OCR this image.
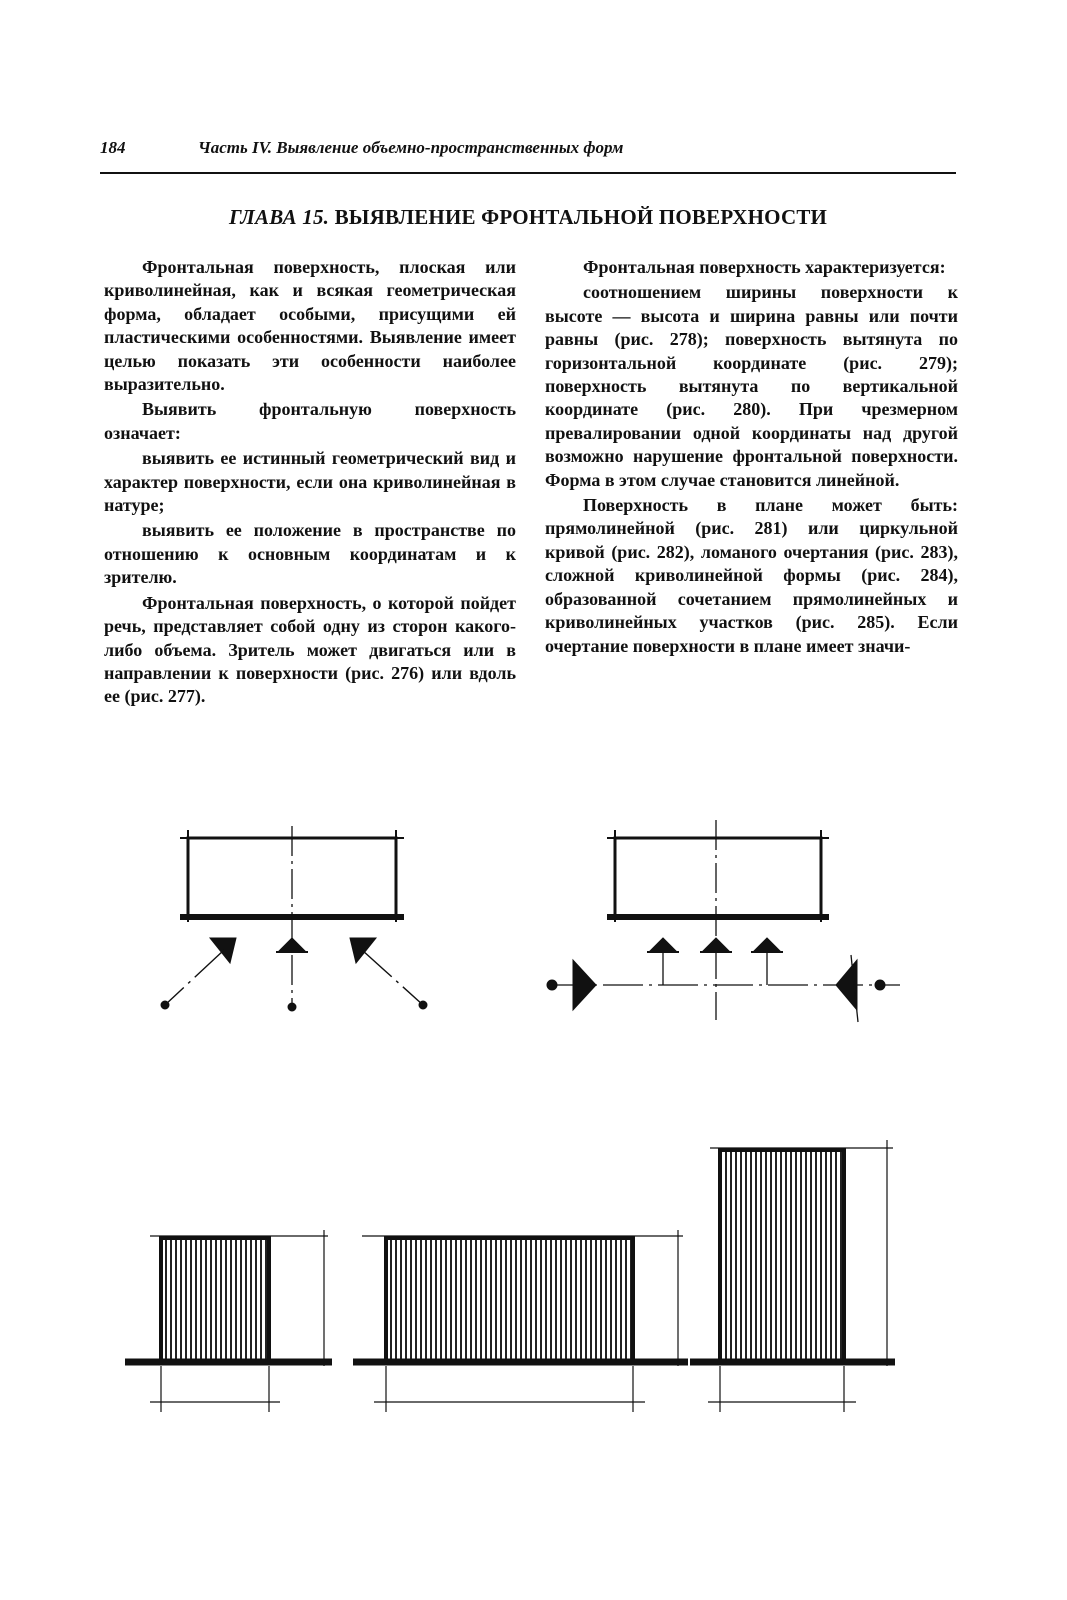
184	Часть IV. Выявление объемно-пространственных форм
ГЛАВА 15. ВЫЯВЛЕНИЕ ФРОНТАЛЬНОЙ ПОВЕРХНОСТИ

Фронтальная поверхность, плоская или криволинейная, как и всякая геометрическая форма, обладает особыми, присущими ей пластическими особенностями. Выявление имеет целью показать эти особенности наиболее выразительно.

Выявить фронтальную поверхность означает:

выявить ее истинный геометрический вид и характер поверхности, если она криволинейная в натуре;

выявить ее положение в пространстве по отношению к основным координатам и к зрителю.

Фронтальная поверхность, о которой пойдет речь, представляет собой одну из сторон какого-либо объема. Зритель может двигаться или в направлении к поверхности (рис. 276) или вдоль ее (рис. 277).

Фронтальная поверхность характеризуется:

соотношением ширины поверхности к высоте — высота и ширина равны или почти равны (рис. 278); поверхность вытянута по горизонтальной координате (рис. 279); поверхность вытянута по вертикальной координате (рис. 280). При чрезмерном превалировании одной координаты над другой возможно нарушение фронтальной поверхности. Форма в этом случае становится линейной.

Поверхность в плане может быть: прямолинейной (рис. 281) или циркульной кривой (рис. 282), ломаного очертания (рис. 283), сложной криволинейной формы (рис. 284), образованной сочетанием прямолинейных и криволинейных участков (рис. 285). Если очертание поверхности в плане имеет значи-
